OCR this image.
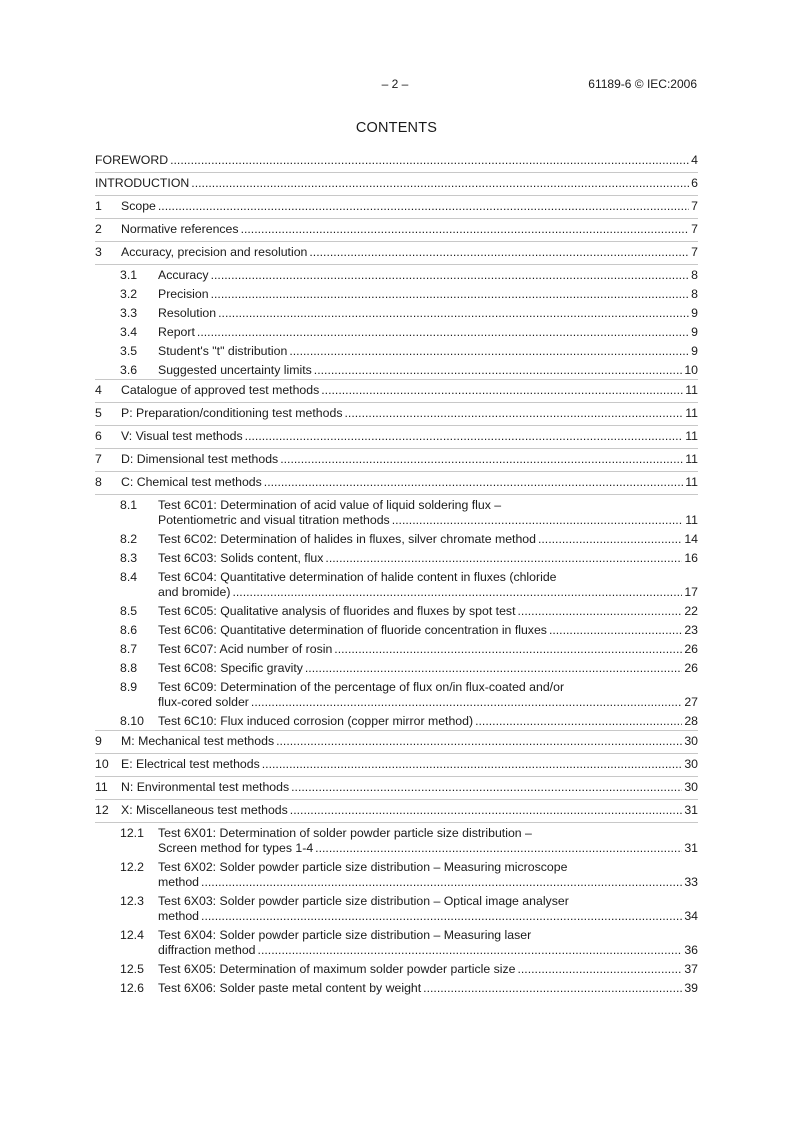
– 2 –	61189-6 © IEC:2006
CONTENTS
FOREWORD .....	4
INTRODUCTION .....	6
1 Scope .....	7
2 Normative references .....	7
3 Accuracy, precision and resolution .....	7
3.1 Accuracy .....	8
3.2 Precision .....	8
3.3 Resolution .....	9
3.4 Report .....	9
3.5 Student's "t" distribution .....	9
3.6 Suggested uncertainty limits .....	10
4 Catalogue of approved test methods .....	11
5 P: Preparation/conditioning test methods .....	11
6 V: Visual test methods .....	11
7 D: Dimensional test methods .....	11
8 C: Chemical test methods .....	11
8.1 Test 6C01: Determination of acid value of liquid soldering flux –
Potentiometric and visual titration methods .....	11
8.2 Test 6C02: Determination of halides in fluxes, silver chromate method .....	14
8.3 Test 6C03: Solids content, flux .....	16
8.4 Test 6C04: Quantitative determination of halide content in fluxes (chloride
and bromide) .....	17
8.5 Test 6C05: Qualitative analysis of fluorides and fluxes by spot test .....	22
8.6 Test 6C06: Quantitative determination of fluoride concentration in fluxes .....	23
8.7 Test 6C07: Acid number of rosin .....	26
8.8 Test 6C08: Specific gravity .....	26
8.9 Test 6C09: Determination of the percentage of flux on/in flux-coated and/or
flux-cored solder .....	27
8.10 Test 6C10: Flux induced corrosion (copper mirror method) .....	28
9 M: Mechanical test methods .....	30
10 E: Electrical test methods .....	30
11 N: Environmental test methods .....	30
12 X: Miscellaneous test methods .....	31
12.1 Test 6X01: Determination of solder powder particle size distribution –
Screen method for types 1-4 .....	31
12.2 Test 6X02: Solder powder particle size distribution – Measuring microscope
method .....	33
12.3 Test 6X03: Solder powder particle size distribution – Optical image analyser
method .....	34
12.4 Test 6X04: Solder powder particle size distribution – Measuring laser
diffraction method .....	36
12.5 Test 6X05: Determination of maximum solder powder particle size .....	37
12.6 Test 6X06: Solder paste metal content by weight .....	39
